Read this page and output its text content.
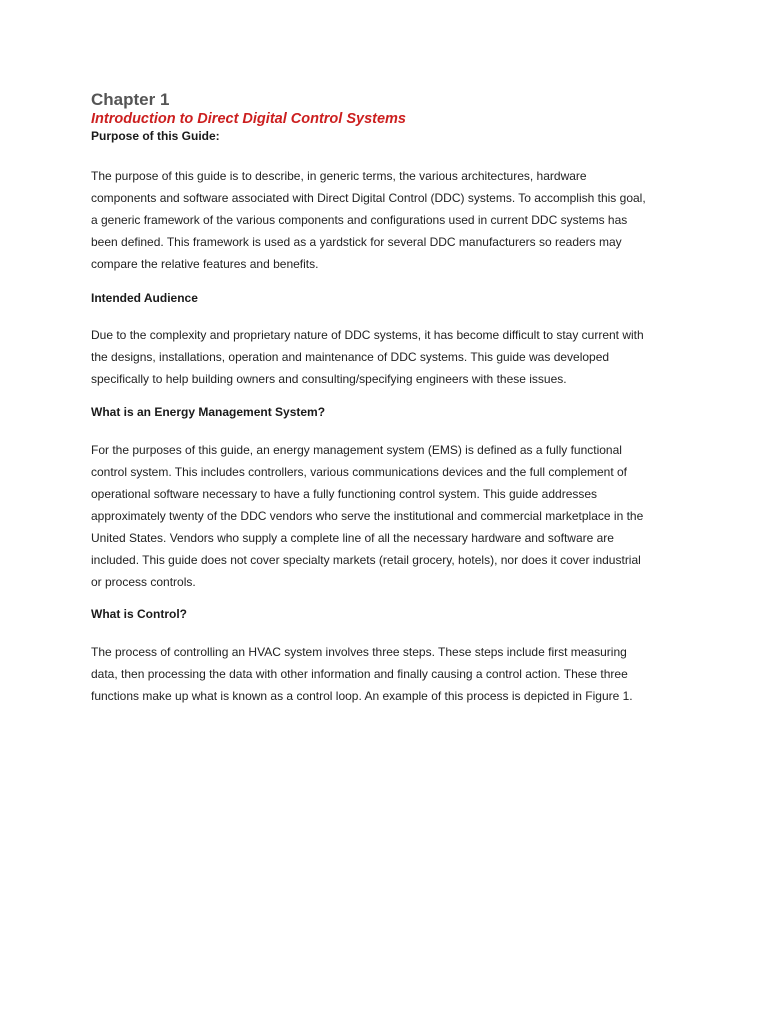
Chapter 1
Introduction to Direct Digital Control Systems
Purpose of this Guide:
The purpose of this guide is to describe, in generic terms, the various architectures, hardware
components and software associated with Direct Digital Control (DDC) systems. To accomplish this goal,
a generic framework of the various components and configurations used in current DDC systems has
been defined. This framework is used as a yardstick for several DDC manufacturers so readers may
compare the relative features and benefits.
Intended Audience
Due to the complexity and proprietary nature of DDC systems, it has become difficult to stay current with
the designs, installations, operation and maintenance of DDC systems. This guide was developed
specifically to help building owners and consulting/specifying engineers with these issues.
What is an Energy Management System?
For the purposes of this guide, an energy management system (EMS) is defined as a fully functional
control system. This includes controllers, various communications devices and the full complement of
operational software necessary to have a fully functioning control system. This guide addresses
approximately twenty of the DDC vendors who serve the institutional and commercial marketplace in the
United States. Vendors who supply a complete line of all the necessary hardware and software are
included. This guide does not cover specialty markets (retail grocery, hotels), nor does it cover industrial
or process controls.
What is Control?
The process of controlling an HVAC system involves three steps. These steps include first measuring
data, then processing the data with other information and finally causing a control action. These three
functions make up what is known as a control loop. An example of this process is depicted in Figure 1.
